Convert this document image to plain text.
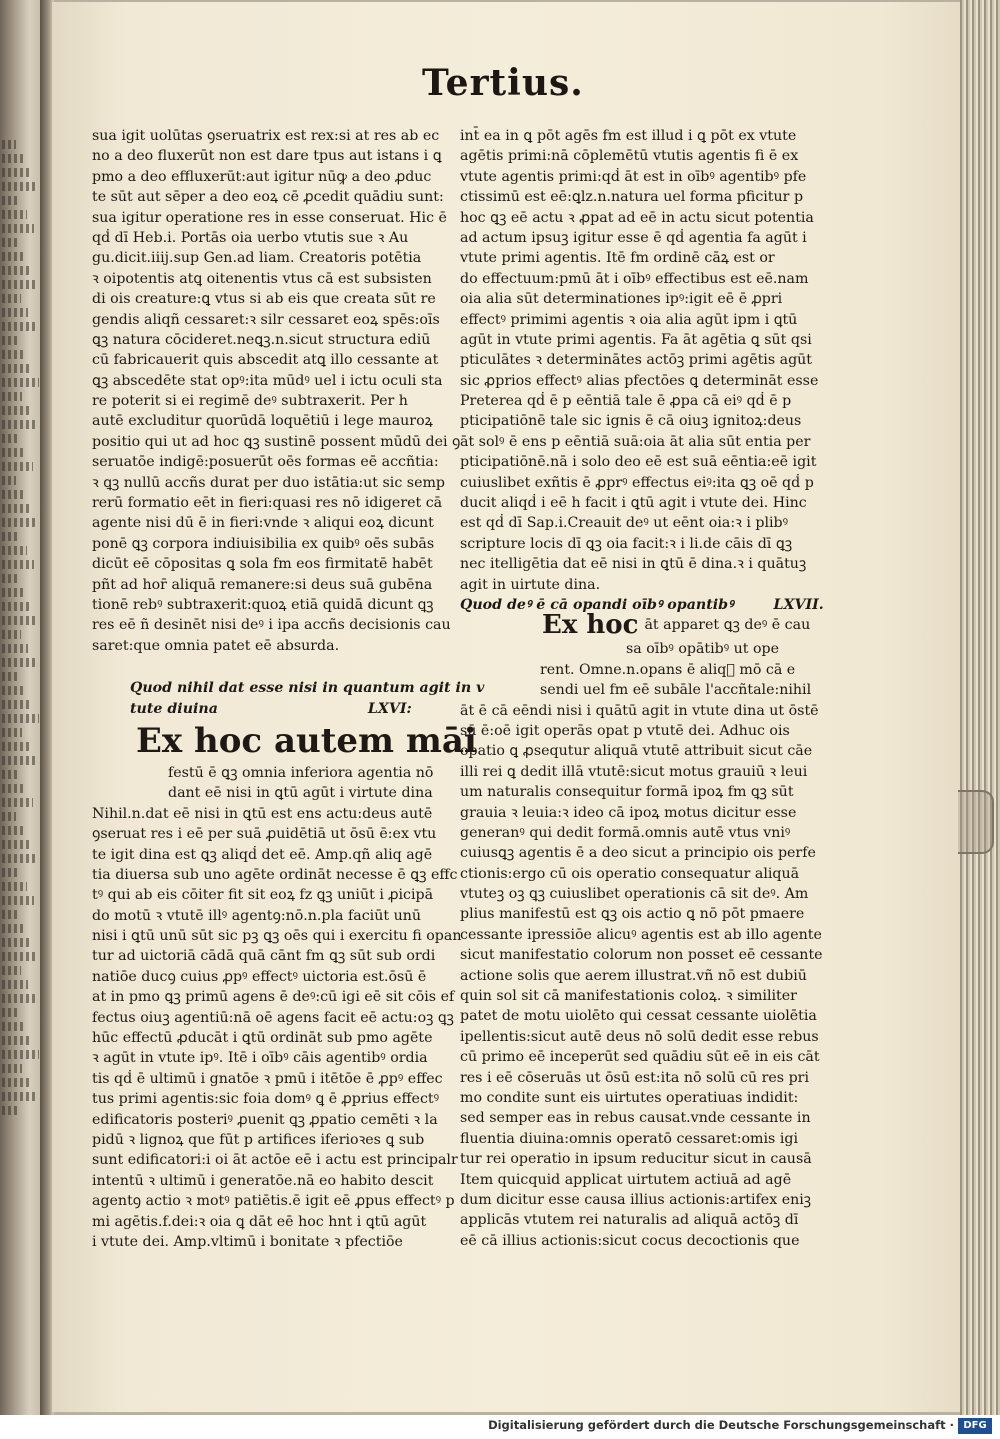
Tertius.
sua igit uolūtas ꝯseruatrix est rex:si at res ab ec
no a deo fluxerūt non est dare tpus aut istans i ꝗ
pmo a deo effluxerūt:aut igitur nūꝙ a deo ꝓduc
te sūt aut sēper a deo eoꝝ cē ꝓcedit quādiu sunt:
sua igitur operatione res in esse conseruat. Hic ē
qḋ dī Heb.i. Portās oia uerbo vtutis sue ꝛ Au
gu.dicit.iiij.sup Gen.ad liam. Creatoris potētia
ꝛ oipotentis atꝗ oitenentis vtus cā est subsisten
di ois creature:ꝗ vtus si ab eis que creata sūt re
gendis aliqñ cessaret:ꝛ silr cessaret eoꝝ spēs:oīs
ꝗꝫ natura cōcideret.neꝗꝫ.n.sicut structura ediū
cū fabricauerit quis abscedit atꝗ illo cessante at
ꝗꝫ abscedēte stat opꝰ:ita mūdꝰ uel i ictu oculi sta
re poterit si ei regimē deꝰ subtraxerit. Per h
autē excluditur quorūdā loquētiū i lege mauroꝝ
positio qui ut ad hoc ꝗꝫ sustinē possent mūdū dei ꝯ
seruatōe indigē:posuerūt oēs formas eē accñtia:
ꝛ ꝗꝫ nullū accñs durat per duo istātia:ut sic semp
rerū formatio eēt in fieri:quasi res nō idigeret cā
agente nisi dū ē in fieri:vnde ꝛ aliqui eoꝝ dicunt
ponē ꝗꝫ corpora indiuisibilia ex quibꝰ oēs subās
dicūt eē cōpositas ꝗ sola fm eos firmitatē habēt
pñt ad hor̄ aliquā remanere:si deus suā gubēna
tionē rebꝰ subtraxerit:quoꝝ etiā quidā dicunt ꝗꝫ
res eē ñ desinēt nisi deꝰ i ipa accñs decisionis cau
saret:que omnia patet eē absurda.
Quod nihil dat esse nisi in quantum agit in v
tute diuina	LXVI:
Ex hoc autem māi
festū ē ꝗꝫ omnia inferiora agentia nō
dant eē nisi in ꝗtū agūt i virtute dina
Nihil.n.dat eē nisi in ꝗtū est ens actu:deus autē
ꝯseruat res i eē per suā ꝓuidētiā ut ōsū ē:ex vtu
te igit dina est ꝗꝫ aliqḋ det eē. Amp.qñ aliq agē
tia diuersa sub uno agēte ordināt necesse ē ꝗꝫ effc
tꝰ qui ab eis cōiter fit sit eoꝝ fz ꝗꝫ uniūt i ꝓicipā
do motū ꝛ vtutē illꝰ agentꝯ:nō.n.pla faciūt unū
nisi i ꝗtū unū sūt sic pꝫ ꝗꝫ oēs qui i exercitu fi opan
tur ad uictoriā cādā quā cānt fm ꝗꝫ sūt sub ordi
natiōe ducꝯ cuius ꝓpꝰ effectꝰ uictoria est.ōsū ē
at in pmo ꝗꝫ primū agens ē deꝰ:cū igi eē sit cōis ef
fectus oiuꝫ agentiū:nā oē agens facit eē actu:oꝫ ꝗꝫ
hūc effectū ꝓducāt i ꝗtū ordināt sub pmo agēte
ꝛ agūt in vtute ipꝰ. Itē i oībꝰ cāis agentibꝰ ordia
tis qḋ ē ultimū i gnatōe ꝛ pmū i itētōe ē ꝓpꝰ effec
tus primi agentis:sic foia domꝰ ꝗ ē ꝓprius effectꝰ
edificatoris posteriꝰ ꝓuenit ꝗꝫ ꝓpatio cemēti ꝛ la
pidū ꝛ lignoꝝ que fūt p artifices iferioꝛes ꝗ sub
sunt edificatori:i oi āt actōe eē i actu est principalr
intentū ꝛ ultimū i generatōe.nā eo habito descit
agentꝯ actio ꝛ motꝰ patiētis.ē igit eē ꝓpus effectꝰ p
mi agētis.f.dei:ꝛ oia ꝗ dāt eē hoc hnt i ꝗtū agūt
i vtute dei. Amp.vltimū i bonitate ꝛ pfectiōe
int̄ ea in ꝗ pōt agēs fm est illud i ꝗ pōt ex vtute
agētis primi:nā cōplemētū vtutis agentis fi ē ex
vtute agentis primi:qḋ āt est in oībꝰ agentibꝰ pfe
ctissimū est eē:ꝗlz.n.natura uel forma pficitur p
hoc ꝗꝫ eē actu ꝛ ꝓpat ad eē in actu sicut potentia
ad actum ipsuꝫ igitur esse ē qḋ agentia fa agūt i
vtute primi agentis. Itē fm ordinē cāꝝ est or
do effectuum:pmū āt i oībꝰ effectibus est eē.nam
oia alia sūt determinationes ipꝰ:igit eē ē ꝓpri
effectꝰ primimi agentis ꝛ oia alia agūt ipm i ꝗtū
agūt in vtute primi agentis. Fa āt agētia ꝗ sūt qsi
pticulātes ꝛ determinātes actōꝫ primi agētis agūt
sic ꝓprios effectꝰ alias pfectōes ꝗ determināt esse
Preterea qḋ ē p eēntiā tale ē ꝓpa cā eiꝰ qḋ ē p
pticipatiōnē tale sic ignis ē cā oiuꝫ ignitoꝝ:deus
āt solꝰ ē ens p eēntiā suā:oia āt alia sūt entia per
pticipatiōnē.nā i solo deo eē est suā eēntia:eē igit
cuiuslibet exñtis ē ꝓprꝰ effectus eiꝰ:ita ꝗꝫ oē qḋ p
ducit aliqḋ i eē h facit i ꝗtū agit i vtute dei. Hinc
est qḋ dī Sap.i.Creauit deꝰ ut eēnt oia:ꝛ i plibꝰ
scripture locis dī ꝗꝫ oia facit:ꝛ i li.de cāis dī ꝗꝫ
nec itelligētia dat eē nisi in ꝗtū ē dina.ꝛ i quātuꝫ
agit in uirtute dina.
Quod deꝰ ē cā opandi oībꝰ opantibꝰ	LXVII.
Ex hoc āt apparet ꝗꝫ deꝰ ē cau
sa oībꝰ opātibꝰ ut ope
rent. Omne.n.opans ē aliqᷓ mō cā e
sendi uel fm eē subāle l'accñtale:nihil
āt ē cā eēndi nisi i quātū agit in vtute dina ut ōstē
sū ē:oē igit operās opat p vtutē dei. Adhuc ois
opatio ꝗ ꝓsequtur aliquā vtutē attribuit sicut cāe
illi rei ꝗ dedit illā vtutē:sicut motus grauiū ꝛ leui
um naturalis consequitur formā ipoꝝ fm ꝗꝫ sūt
grauia ꝛ leuia:ꝛ ideo cā ipoꝝ motus dicitur esse
generanꝰ qui dedit formā.omnis autē vtus vniꝰ
cuiusꝗꝫ agentis ē a deo sicut a principio ois perfe
ctionis:ergo cū ois operatio consequatur aliquā
vtuteꝫ oꝫ ꝗꝫ cuiuslibet operationis cā sit deꝰ. Am
plius manifestū est ꝗꝫ ois actio ꝗ nō pōt pmaere
cessante ipressiōe alicuꝰ agentis est ab illo agente
sicut manifestatio colorum non posset eē cessante
actione solis que aerem illustrat.vñ nō est dubiū
quin sol sit cā manifestationis coloꝝ. ꝛ similiter
patet de motu uiolēto qui cessat cessante uiolētia
ipellentis:sicut autē deus nō solū dedit esse rebus
cū primo eē inceperūt sed quādiu sūt eē in eis cāt
res i eē cōseruās ut ōsū est:ita nō solū cū res pri
mo condite sunt eis uirtutes operatiuas indidit:
sed semper eas in rebus causat.vnde cessante in
fluentia diuina:omnis operatō cessaret:omis igi
tur rei operatio in ipsum reducitur sicut in causā
Item quicquid applicat uirtutem actiuā ad agē
dum dicitur esse causa illius actionis:artifex eniꝫ
applicās vtutem rei naturalis ad aliquā actōꝫ dī
eē cā illius actionis:sicut cocus decoctionis que
Digitalisierung gefördert durch die Deutsche Forschungsgemeinschaft · DFG
